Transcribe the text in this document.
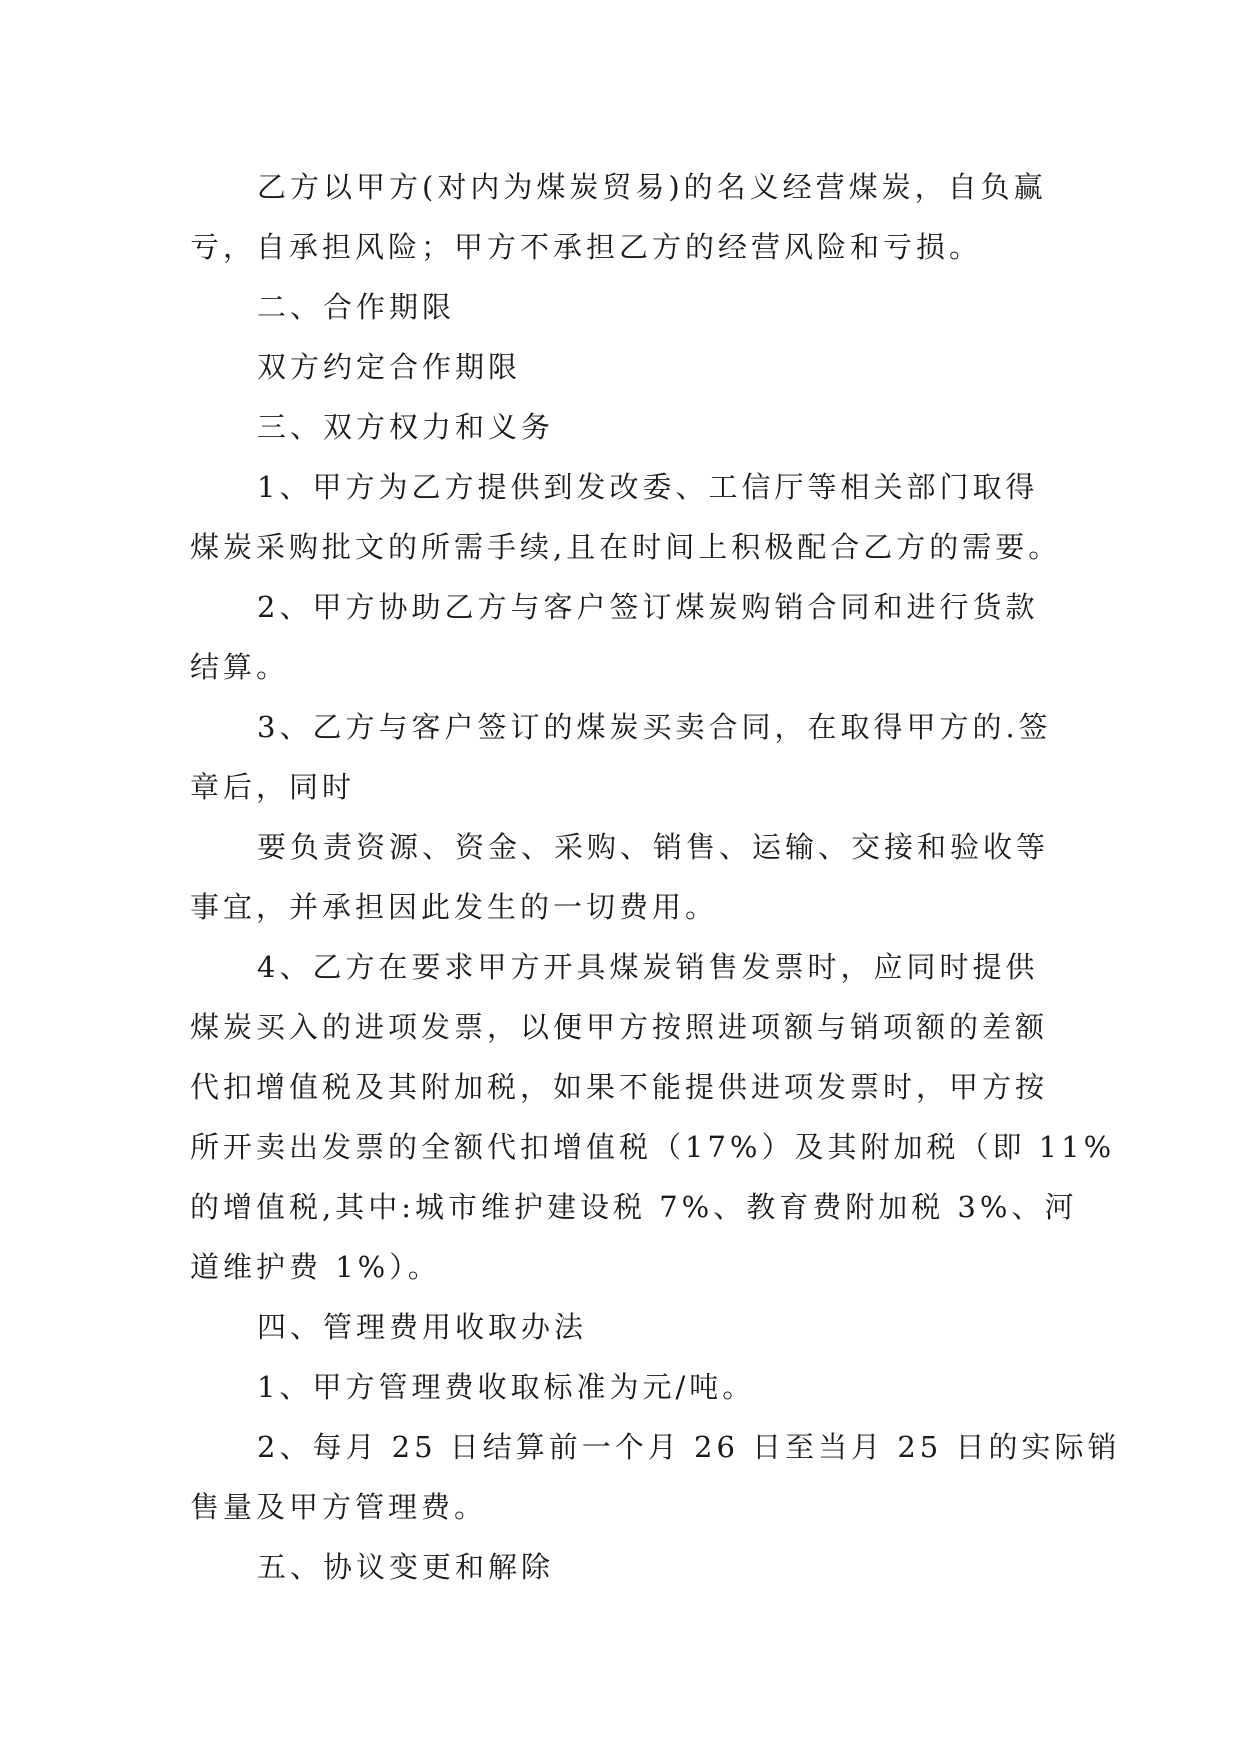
乙方以甲方(对内为煤炭贸易)的名义经营煤炭，自负赢

亏，自承担风险；甲方不承担乙方的经营风险和亏损。

二、合作期限

双方约定合作期限

三、双方权力和义务

1、甲方为乙方提供到发改委、工信厅等相关部门取得

煤炭采购批文的所需手续,且在时间上积极配合乙方的需要。

2、甲方协助乙方与客户签订煤炭购销合同和进行货款

结算。

3、乙方与客户签订的煤炭买卖合同，在取得甲方的.签

章后，同时

要负责资源、资金、采购、销售、运输、交接和验收等

事宜，并承担因此发生的一切费用。

4、乙方在要求甲方开具煤炭销售发票时，应同时提供

煤炭买入的进项发票，以便甲方按照进项额与销项额的差额

代扣增值税及其附加税，如果不能提供进项发票时，甲方按

所开卖出发票的全额代扣增值税（17%）及其附加税（即 11%

的增值税,其中:城市维护建设税 7%、教育费附加税 3%、河

道维护费 1%）。

四、管理费用收取办法

1、甲方管理费收取标准为元/吨。

2、每月 25 日结算前一个月 26 日至当月 25 日的实际销

售量及甲方管理费。

五、协议变更和解除
